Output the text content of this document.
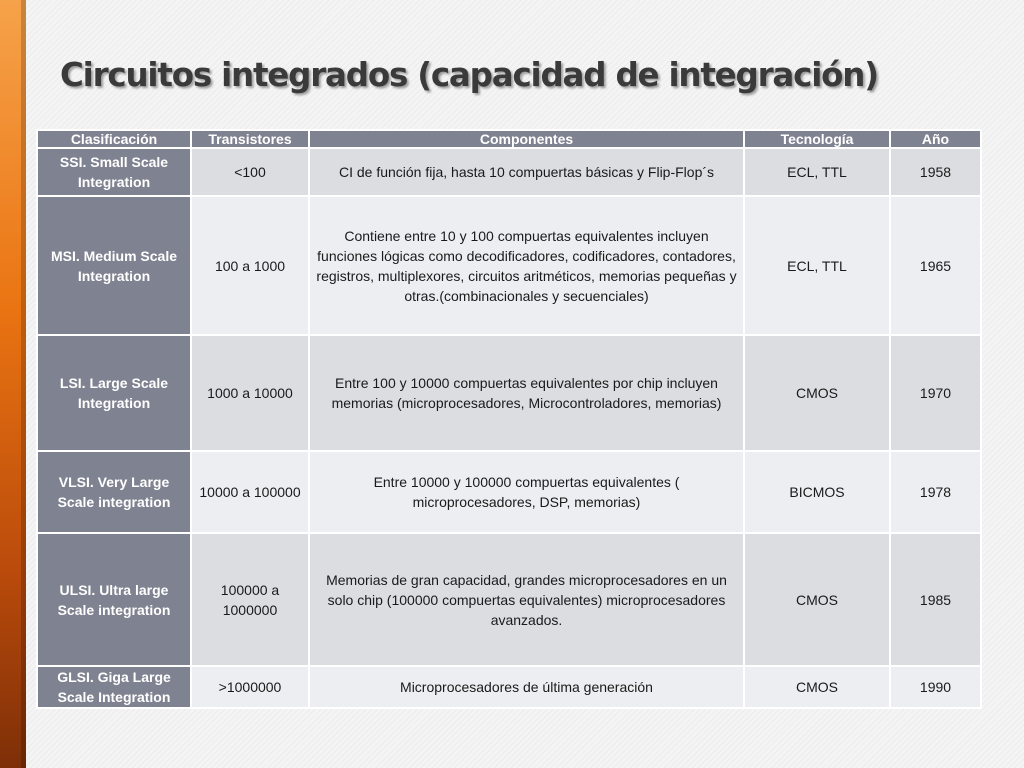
Circuitos integrados (capacidad de integración)
Clasificación	Transistores	Componentes	Tecnología	Año
SSI. Small Scale Integration	<100	CI de función fija, hasta 10 compuertas básicas y Flip-Flop´s	ECL, TTL	1958
MSI. Medium Scale Integration	100 a 1000	Contiene entre 10 y 100 compuertas equivalentes incluyen funciones lógicas como decodificadores, codificadores, contadores, registros, multiplexores, circuitos aritméticos, memorias pequeñas y otras.(combinacionales y secuenciales)	ECL, TTL	1965
LSI. Large Scale Integration	1000 a 10000	Entre 100 y 10000 compuertas equivalentes por chip incluyen memorias (microprocesadores, Microcontroladores, memorias)	CMOS	1970
VLSI. Very Large Scale integration	10000 a 100000	Entre 10000 y 100000 compuertas equivalentes ( microprocesadores, DSP, memorias)	BICMOS	1978
ULSI. Ultra large Scale integration	100000 a 1000000	Memorias de gran capacidad, grandes microprocesadores en un solo chip (100000 compuertas equivalentes) microprocesadores avanzados.	CMOS	1985
GLSI. Giga Large Scale Integration	>1000000	Microprocesadores de última generación	CMOS	1990
